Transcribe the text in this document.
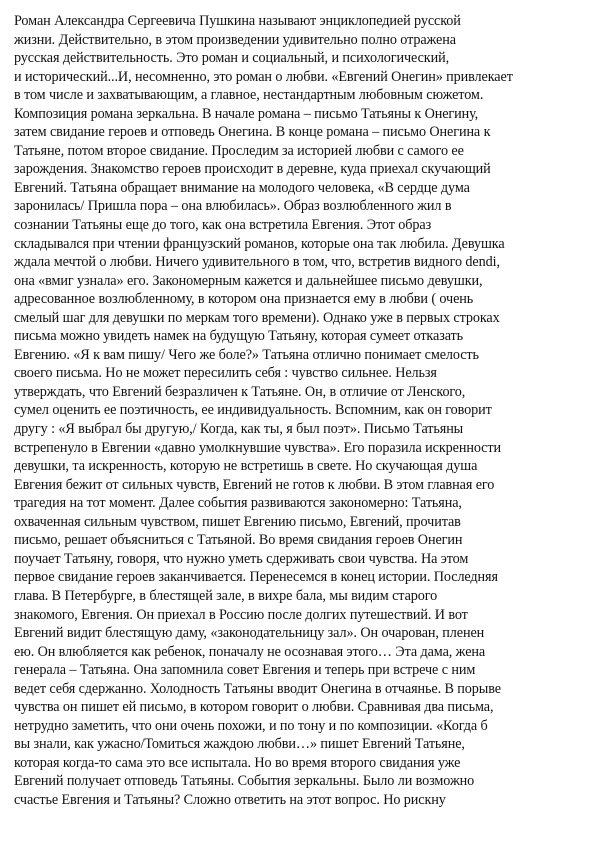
Роман Александра Сергеевича Пушкина называют энциклопедией русской
жизни. Действительно, в этом произведении удивительно полно отражена
русская действительность. Это роман и социальный, и психологический,
и исторический...И, несомненно, это роман о любви. «Евгений Онегин» привлекает
в том числе и захватывающим, а главное, нестандартным любовным сюжетом.
Композиция романа зеркальна. В начале романа – письмо Татьяны к Онегину,
затем свидание героев и отповедь Онегина. В конце романа – письмо Онегина к
Татьяне, потом второе свидание. Проследим за историей любви с самого ее
зарождения. Знакомство героев происходит в деревне, куда приехал скучающий
Евгений. Татьяна обращает внимание на молодого человека, «В сердце дума
заронилась/ Пришла пора – она влюбилась». Образ возлюбленного жил в
сознании Татьяны еще до того, как она встретила Евгения. Этот образ
складывался при чтении французский романов, которые она так любила. Девушка
ждала мечтой о любви. Ничего удивительного в том, что, встретив видного dendi,
она «вмиг узнала» его. Закономерным кажется и дальнейшее письмо девушки,
адресованное возлюбленному, в котором она признается ему в любви ( очень
смелый шаг для девушки по меркам того времени). Однако уже в первых строках
письма можно увидеть намек на будущую Татьяну, которая сумеет отказать
Евгению. «Я к вам пишу/ Чего же боле?» Татьяна отлично понимает смелость
своего письма. Но не может пересилить себя : чувство сильнее. Нельзя
утверждать, что Евгений безразличен к Татьяне. Он, в отличие от Ленского,
сумел оценить ее поэтичность, ее индивидуальность. Вспомним, как он говорит
другу : «Я выбрал бы другую,/ Когда, как ты, я был поэт». Письмо Татьяны
встрепенуло в Евгении «давно умолкнувшие чувства». Его поразила искренности
девушки, та искренность, которую не встретишь в свете. Но скучающая душа
Евгения бежит от сильных чувств, Евгений не готов к любви. В этом главная его
трагедия на тот момент. Далее события развиваются закономерно: Татьяна,
охваченная сильным чувством, пишет Евгению письмо, Евгений, прочитав
письмо, решает объясниться с Татьяной. Во время свидания героев Онегин
поучает Татьяну, говоря, что нужно уметь сдерживать свои чувства. На этом
первое свидание героев заканчивается. Перенесемся в конец истории. Последняя
глава. В Петербурге, в блестящей зале, в вихре бала, мы видим старого
знакомого, Евгения. Он приехал в Россию после долгих путешествий. И вот
Евгений видит блестящую даму, «законодательницу зал». Он очарован, пленен
ею. Он влюбляется как ребенок, поначалу не осознавая этого… Эта дама, жена
генерала – Татьяна. Она запомнила совет Евгения и теперь при встрече с ним
ведет себя сдержанно. Холодность Татьяны вводит Онегина в отчаянье. В порыве
чувства он пишет ей письмо, в котором говорит о любви. Сравнивая два письма,
нетрудно заметить, что они очень похожи, и по тону и по композиции. «Когда б
вы знали, как ужасно/Томиться жаждою любви…» пишет Евгений Татьяне,
которая когда-то сама это все испытала. Но во время второго свидания уже
Евгений получает отповедь Татьяны. События зеркальны. Было ли возможно
счастье Евгения и Татьяны? Сложно ответить на этот вопрос. Но рискну
